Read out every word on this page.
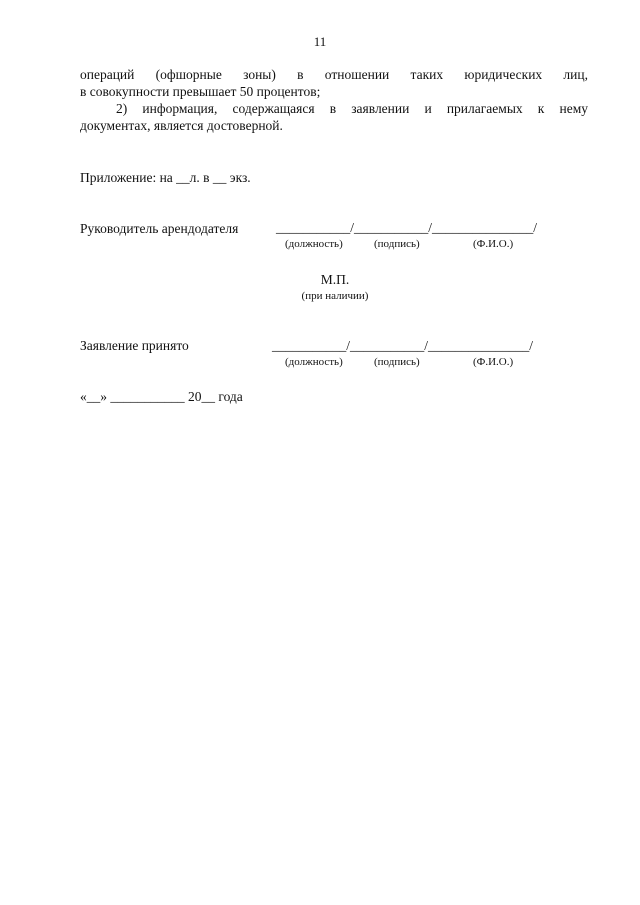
11
операций (офшорные зоны) в отношении таких юридических лиц,
в совокупности превышает 50 процентов;
2) информация, содержащаяся в заявлении и прилагаемых к нему
документах, является достоверной.
Приложение: на __л. в __ экз.
Руководитель арендодателя	___________/___________/_______________/
(должность)	(подпись)	(Ф.И.О.)
М.П.
(при наличии)
Заявление принято	___________/___________/_______________/
(должность)	(подпись)	(Ф.И.О.)
«__» ___________ 20__ года
